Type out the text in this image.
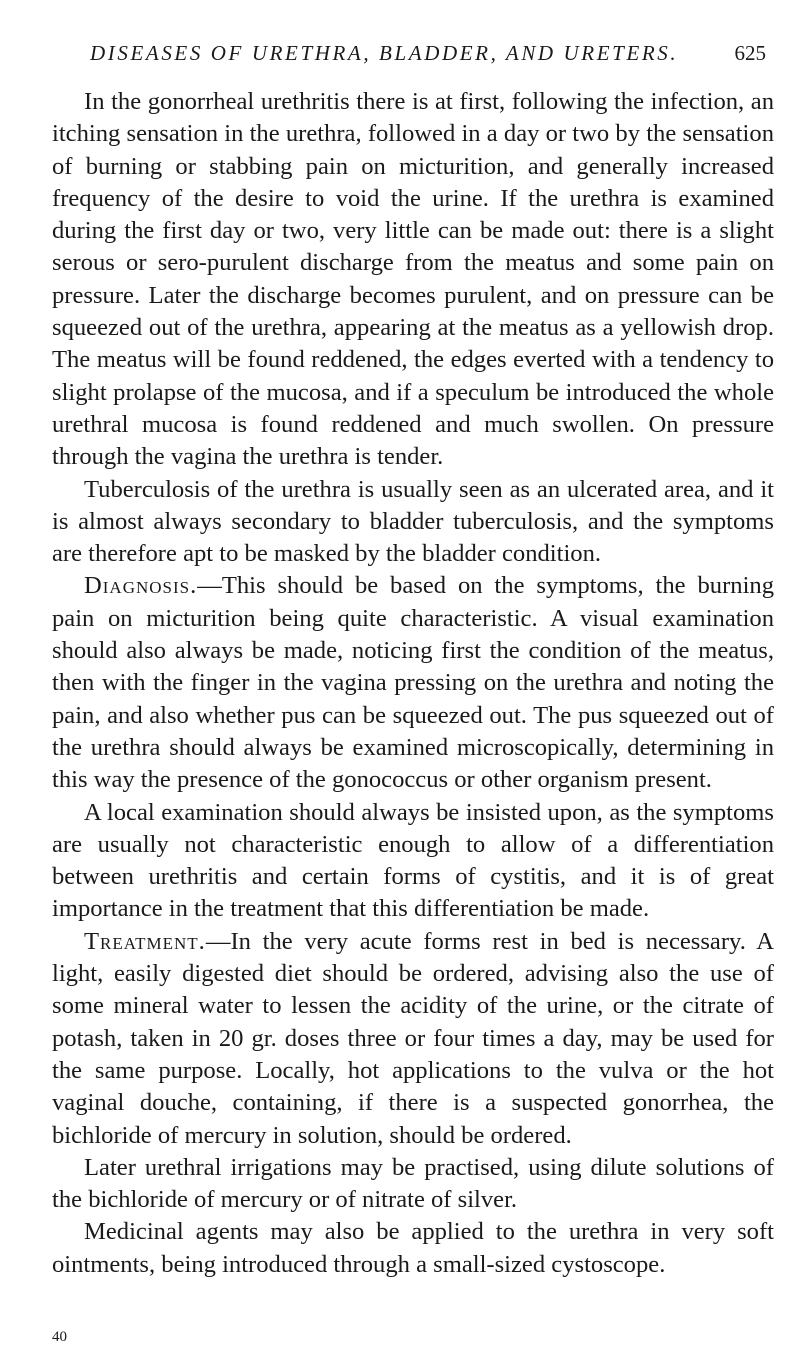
DISEASES OF URETHRA, BLADDER, AND URETERS.	625

In the gonorrheal urethritis there is at first, following the infection, an itching sensation in the urethra, followed in a day or two by the sensation of burning or stabbing pain on micturition, and generally increased frequency of the desire to void the urine. If the urethra is examined during the first day or two, very little can be made out: there is a slight serous or sero-purulent discharge from the meatus and some pain on pressure. Later the discharge becomes purulent, and on pressure can be squeezed out of the urethra, appearing at the meatus as a yellowish drop. The meatus will be found reddened, the edges everted with a tendency to slight prolapse of the mucosa, and if a speculum be introduced the whole urethral mucosa is found reddened and much swollen. On pressure through the vagina the urethra is tender.

Tuberculosis of the urethra is usually seen as an ulcerated area, and it is almost always secondary to bladder tuberculosis, and the symptoms are therefore apt to be masked by the bladder condition.

Diagnosis.—This should be based on the symptoms, the burning pain on micturition being quite characteristic. A visual examination should also always be made, noticing first the condition of the meatus, then with the finger in the vagina pressing on the urethra and noting the pain, and also whether pus can be squeezed out. The pus squeezed out of the urethra should always be examined microscopically, determining in this way the presence of the gonococcus or other organism present.

A local examination should always be insisted upon, as the symptoms are usually not characteristic enough to allow of a differentiation between urethritis and certain forms of cystitis, and it is of great importance in the treatment that this differentiation be made.

Treatment.—In the very acute forms rest in bed is necessary. A light, easily digested diet should be ordered, advising also the use of some mineral water to lessen the acidity of the urine, or the citrate of potash, taken in 20 gr. doses three or four times a day, may be used for the same purpose. Locally, hot applications to the vulva or the hot vaginal douche, containing, if there is a suspected gonorrhea, the bichloride of mercury in solution, should be ordered.

Later urethral irrigations may be practised, using dilute solutions of the bichloride of mercury or of nitrate of silver.

Medicinal agents may also be applied to the urethra in very soft ointments, being introduced through a small-sized cystoscope.

40
